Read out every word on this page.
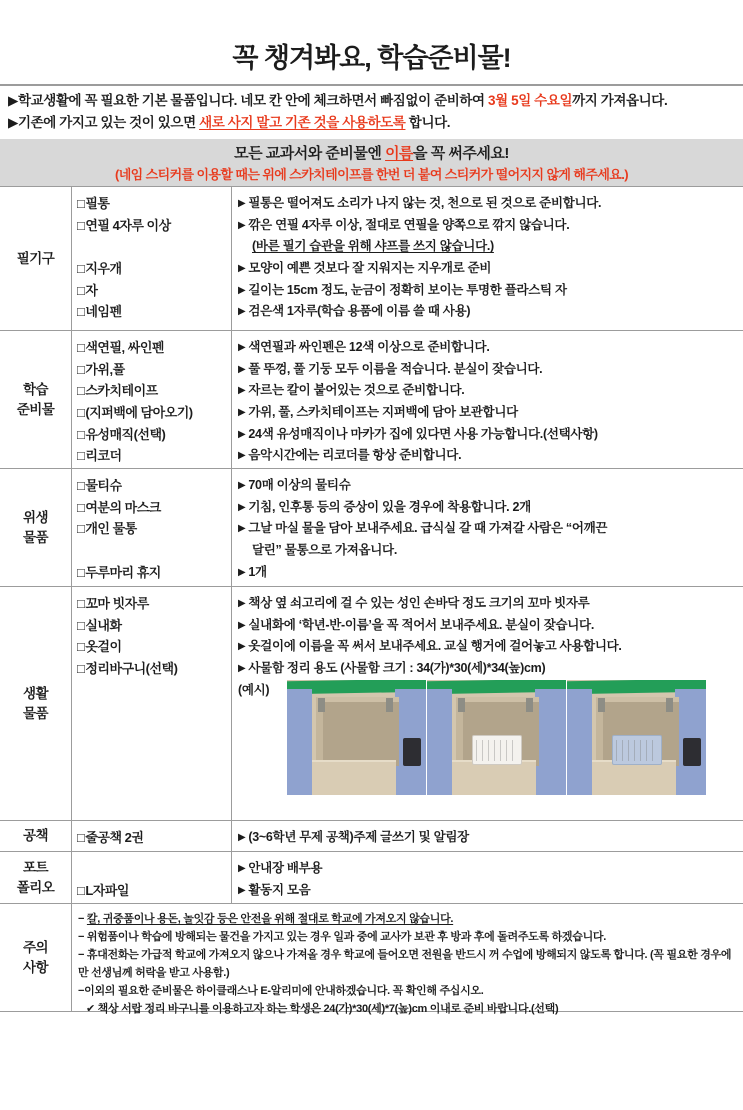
꼭 챙겨봐요, 학습준비물!
▶학교생활에 꼭 필요한 기본 물품입니다. 네모 칸 안에 체크하면서 빠짐없이 준비하여 3월 5일 수요일까지 가져옵니다.
▶기존에 가지고 있는 것이 있으면 새로 사지 말고 기존 것을 사용하도록 합니다.
모든 교과서와 준비물엔 이름을 꼭 써주세요!
(네임 스티커를 이용할 때는 위에 스카치테이프를 한번 더 붙여 스티커가 떨어지지 않게 해주세요.)
필기구
□필통
□연필 4자루 이상
□지우개
□자
□네임펜
▶ 필통은 떨어져도 소리가 나지 않는 것, 천으로 된 것으로 준비합니다.
▶ 깎은 연필 4자루 이상, 절대로 연필을 양쪽으로 깎지 않습니다.
(바른 필기 습관을 위해 샤프를 쓰지 않습니다.)
▶ 모양이 예쁜 것보다 잘 지워지는 지우개로 준비
▶ 길이는 15cm 정도, 눈금이 정확히 보이는 투명한 플라스틱 자
▶ 검은색 1자루(학습 용품에 이름 쓸 때 사용)
학습
준비물
□색연필, 싸인펜
□가위,풀
□스카치테이프
□(지퍼백에 담아오기)
□유성매직(선택)
□리코더
▶ 색연필과 싸인펜은 12색 이상으로 준비합니다.
▶ 풀 뚜껑, 풀 기둥 모두 이름을 적습니다. 분실이 잦습니다.
▶ 자르는 칼이 붙어있는 것으로 준비합니다.
▶ 가위, 풀, 스카치테이프는 지퍼백에 담아 보관합니다
▶ 24색 유성매직이나 마카가 집에 있다면 사용 가능합니다.(선택사항)
▶ 음악시간에는 리코더를 항상 준비합니다.
위생
물품
□물티슈
□여분의 마스크
□개인 물통
□두루마리 휴지
▶ 70매 이상의 물티슈
▶ 기침, 인후통 등의 증상이 있을 경우에 착용합니다. 2개
▶ 그날 마실 물을 담아 보내주세요. 급식실 갈 때 가져갈 사람은 “어깨끈
달린” 물통으로 가져옵니다.
▶ 1개
생활
물품
□꼬마 빗자루
□실내화
□옷걸이
□정리바구니(선택)
▶ 책상 옆 쇠고리에 걸 수 있는 성인 손바닥 정도 크기의 꼬마 빗자루
▶ 실내화에 ‘학년-반-이름’을 꼭 적어서 보내주세요. 분실이 잦습니다.
▶ 옷걸이에 이름을 꼭 써서 보내주세요. 교실 행거에 걸어놓고 사용합니다.
▶ 사물함 정리 용도 (사물함 크기 : 34(가)*30(세)*34(높)cm)
(예시)
공책 □줄공책 2권	▶ (3~6학년 무제 공책)주제 글쓰기 및 알림장
포트
폴리오 □L자파일
▶ 안내장 배부용
▶ 활동지 모음
주의
사항
− 칼, 귀중품이나 용돈, 놀잇감 등은 안전을 위해 절대로 학교에 가져오지 않습니다.
− 위험품이나 학습에 방해되는 물건을 가지고 있는 경우 일과 중에 교사가 보관 후 방과 후에 돌려주도록 하겠습니다.
− 휴대전화는 가급적 학교에 가져오지 않으나 가져올 경우 학교에 들어오면 전원을 반드시 꺼 수업에 방해되지 않도록 합니다. (꼭 필요한 경우에만 선생님께 허락을 받고 사용함.)
−이외의 필요한 준비물은 하이클래스나 E-알리미에 안내하겠습니다. 꼭 확인해 주십시오.
✔ 책상 서랍 정리 바구니를 이용하고자 하는 학생은 24(가)*30(세)*7(높)cm 이내로 준비 바랍니다.(선택)
